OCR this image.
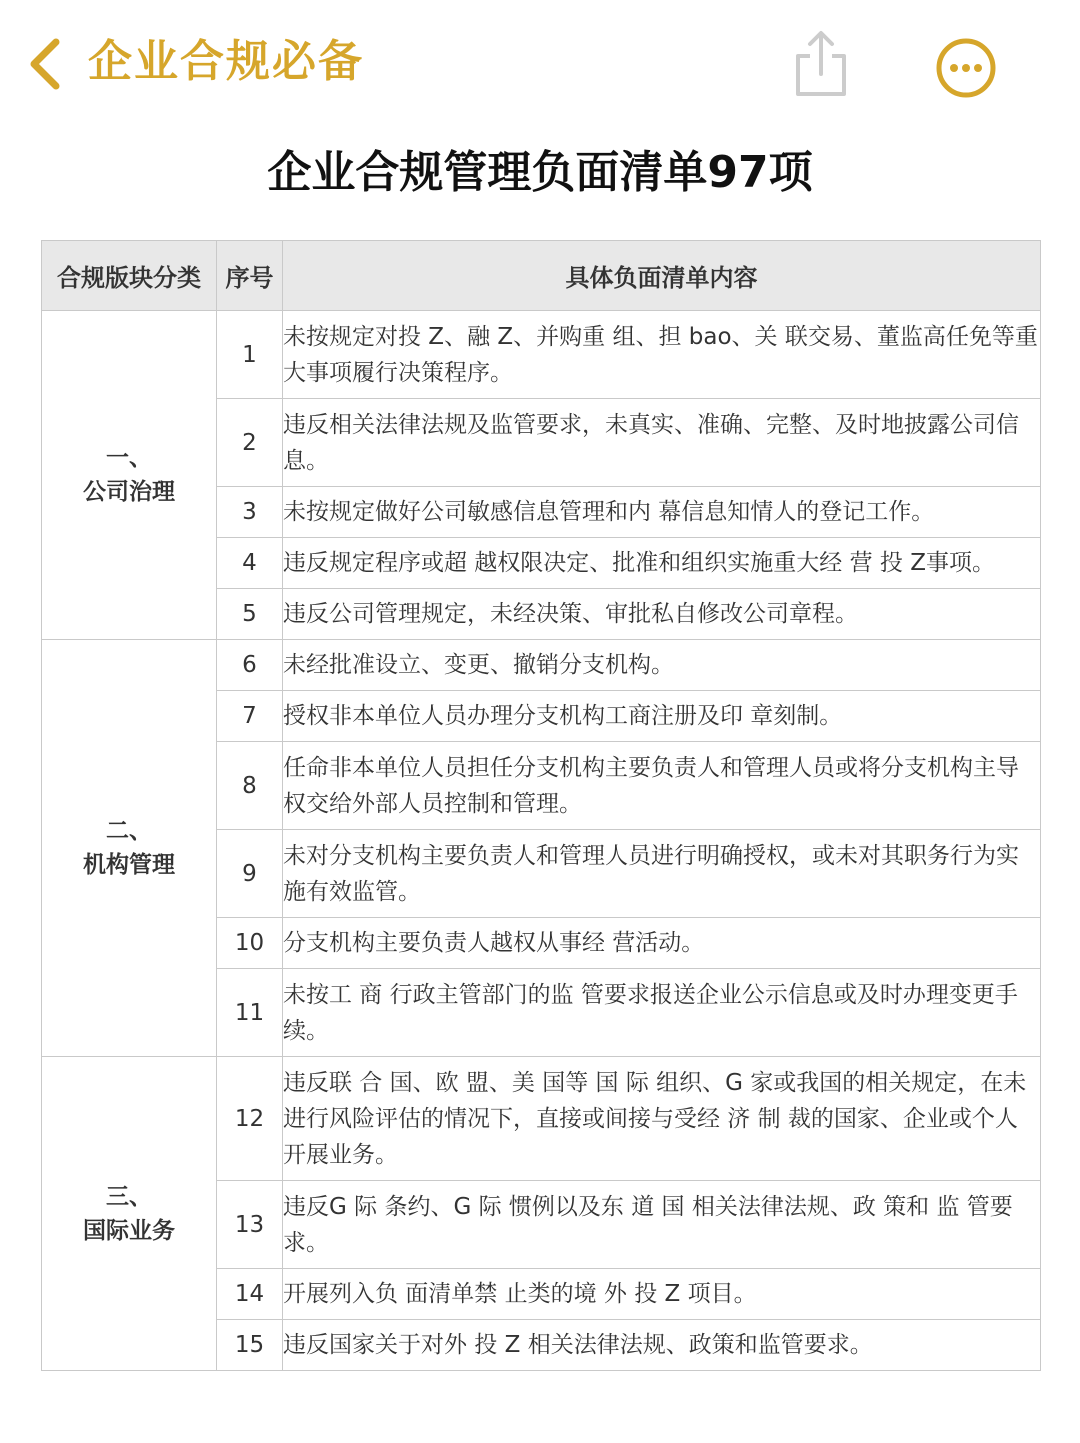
企业合规必备
企业合规管理负面清单97项
合规版块分类	序号	具体负面清单内容

一、
公司治理	1	未按规定对投 Z、融 Z、并购重 组、担 bao、关 联交易、董监高任免等重 大事项履行决策程序。
	2	违反相关法律法规及监管要求，未真实、准确、完整、及时地披露公司信息。
	3	未按规定做好公司敏感信息管理和内 幕信息知情人的登记工作。
	4	违反规定程序或超 越权限决定、批准和组织实施重大经 营 投 Z事项。
	5	违反公司管理规定，未经决策、审批私自修改公司章程。

二、
机构管理	6	未经批准设立、变更、撤销分支机构。
	7	授权非本单位人员办理分支机构工商注册及印 章刻制。
	8	任命非本单位人员担任分支机构主要负责人和管理人员或将分支机构主导权交给外部人员控制和管理。
	9	未对分支机构主要负责人和管理人员进行明确授权，或未对其职务行为实施有效监管。
	10	分支机构主要负责人越权从事经 营活动。
	11	未按工 商 行政主管部门的监 管要求报送企业公示信息或及时办理变更手续。

三、
国际业务	12	违反联 合 国、欧 盟、美 国等 国 际 组织、G 家或我国的相关规定，在未进行风险评估的情况下，直接或间接与受经 济 制 裁的国家、企业或个人开展业务。
	13	违反G 际 条约、G 际 惯例以及东 道 国 相关法律法规、政 策和 监 管要求。
	14	开展列入负 面清单禁 止类的境 外 投 Z 项目。
	15	违反国家关于对外 投 Z 相关法律法规、政策和监管要求。
